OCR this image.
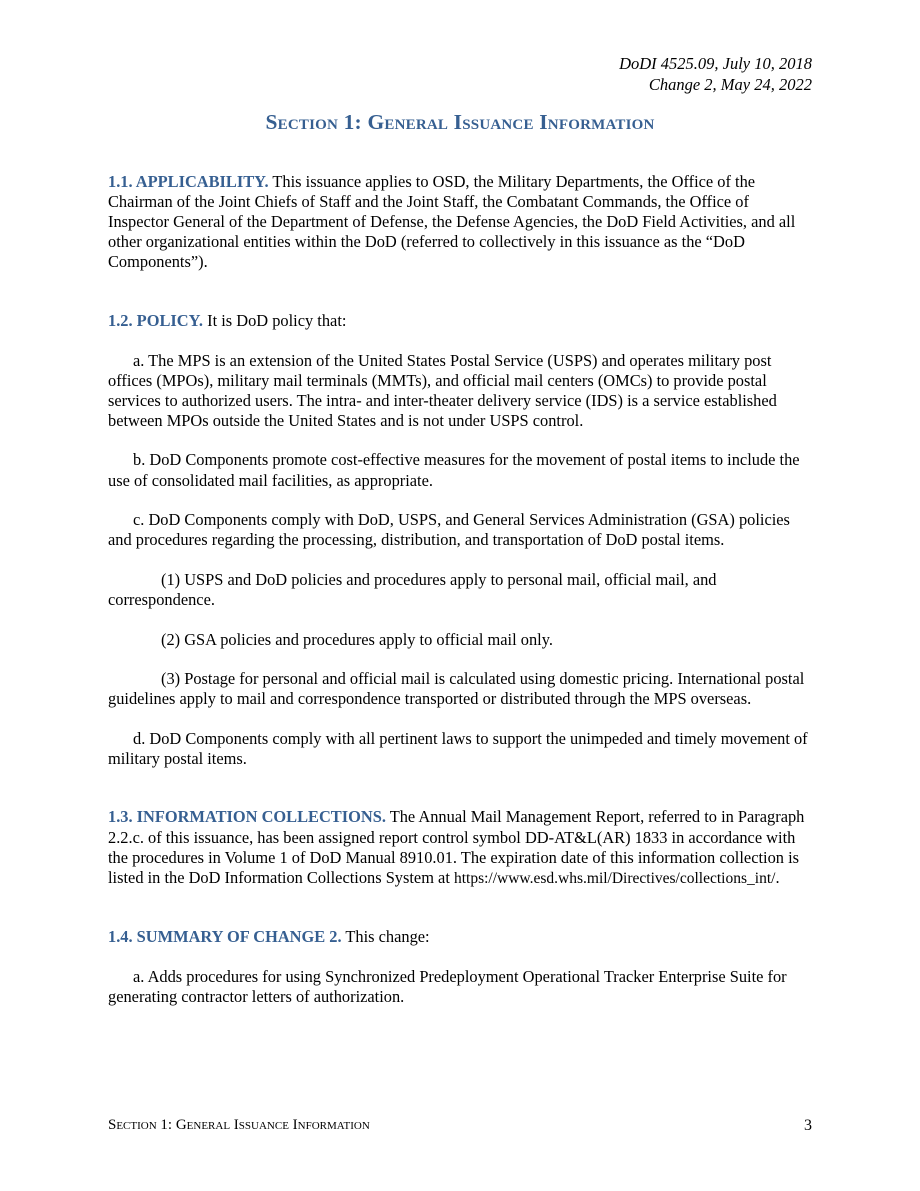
DoDI 4525.09, July 10, 2018
Change 2, May 24, 2022
Section 1: General Issuance Information

1.1. APPLICABILITY. This issuance applies to OSD, the Military Departments, the Office of the Chairman of the Joint Chiefs of Staff and the Joint Staff, the Combatant Commands, the Office of Inspector General of the Department of Defense, the Defense Agencies, the DoD Field Activities, and all other organizational entities within the DoD (referred to collectively in this issuance as the “DoD Components”).

1.2. POLICY. It is DoD policy that:

a. The MPS is an extension of the United States Postal Service (USPS) and operates military post offices (MPOs), military mail terminals (MMTs), and official mail centers (OMCs) to provide postal services to authorized users. The intra- and inter-theater delivery service (IDS) is a service established between MPOs outside the United States and is not under USPS control.

b. DoD Components promote cost-effective measures for the movement of postal items to include the use of consolidated mail facilities, as appropriate.

c. DoD Components comply with DoD, USPS, and General Services Administration (GSA) policies and procedures regarding the processing, distribution, and transportation of DoD postal items.

(1) USPS and DoD policies and procedures apply to personal mail, official mail, and correspondence.

(2) GSA policies and procedures apply to official mail only.

(3) Postage for personal and official mail is calculated using domestic pricing. International postal guidelines apply to mail and correspondence transported or distributed through the MPS overseas.

d. DoD Components comply with all pertinent laws to support the unimpeded and timely movement of military postal items.

1.3. INFORMATION COLLECTIONS. The Annual Mail Management Report, referred to in Paragraph 2.2.c. of this issuance, has been assigned report control symbol DD-AT&L(AR) 1833 in accordance with the procedures in Volume 1 of DoD Manual 8910.01. The expiration date of this information collection is listed in the DoD Information Collections System at https://www.esd.whs.mil/Directives/collections_int/.

1.4. SUMMARY OF CHANGE 2. This change:

a. Adds procedures for using Synchronized Predeployment Operational Tracker Enterprise Suite for generating contractor letters of authorization.

Section 1: General Issuance Information	3
